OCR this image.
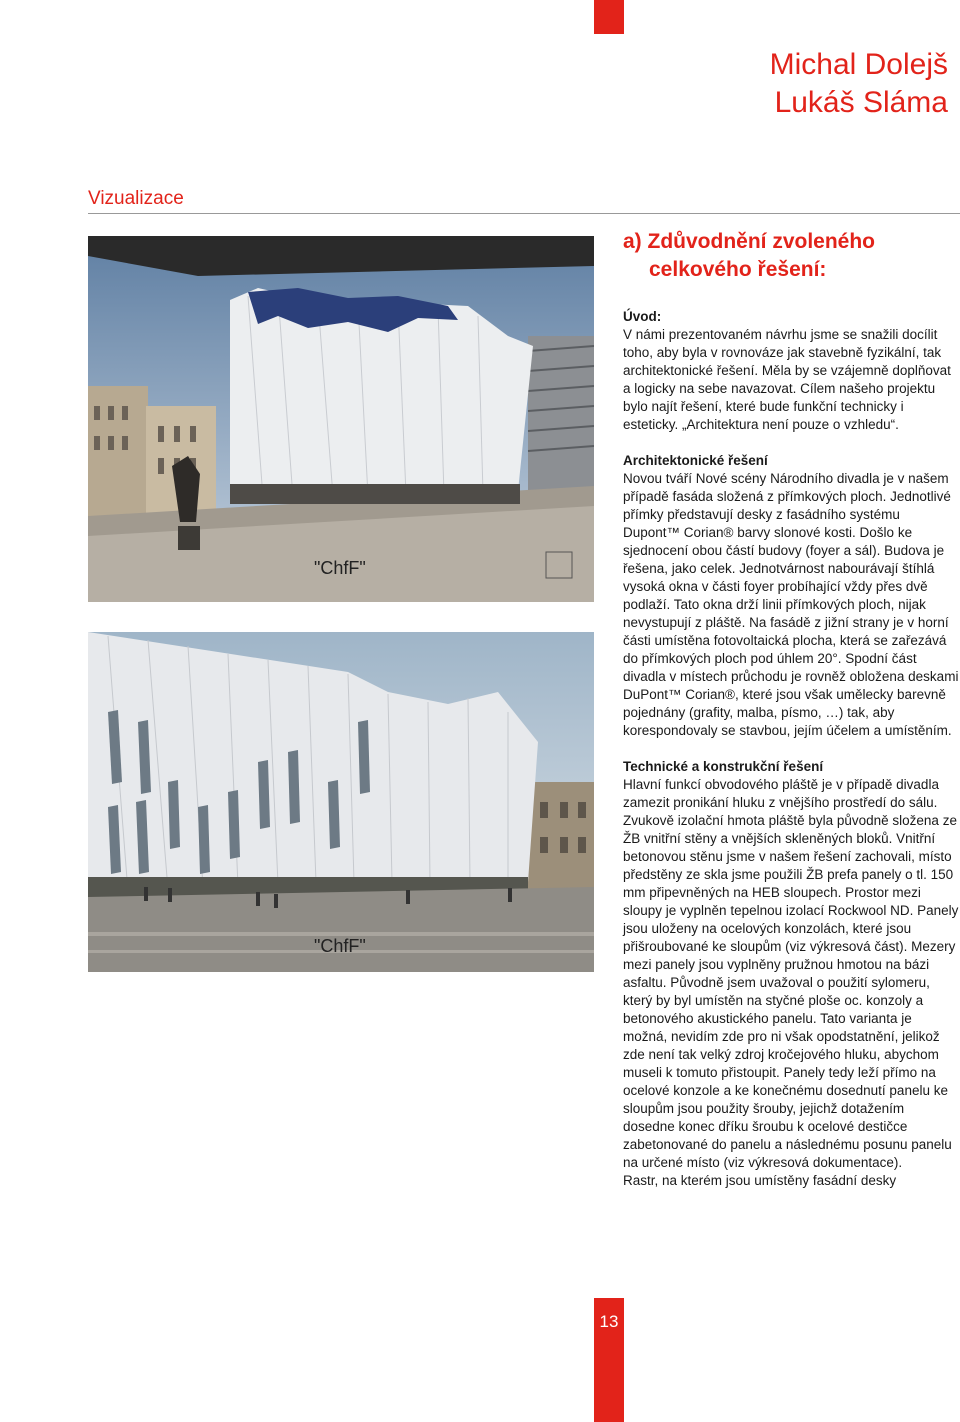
Michal Dolejš
Lukáš Sláma
Vizualizace
"ChfF"
"ChfF"
a) Zdůvodnění zvoleného
celkového řešení:

Úvod:

V námi prezentovaném návrhu jsme se snažili docílit toho, aby byla v rovnováze jak stavebně fyzikální, tak architektonické řešení. Měla by se vzájemně doplňovat a logicky na sebe navazovat. Cílem našeho projektu bylo najít řešení, které bude funkční technicky i esteticky. „Architektura není pouze o vzhledu“.

Architektonické řešení

Novou tváří Nové scény Národního divadla je v našem případě fasáda složená z přímkových ploch. Jednotlivé přímky představují desky z fasádního systému Dupont™ Corian® barvy slonové kosti. Došlo ke sjednocení obou částí budovy (foyer a sál). Budova je řešena, jako celek. Jednotvárnost nabourávají štíhlá vysoká okna v části foyer probíhající vždy přes dvě podlaží. Tato okna drží linii přímkových ploch, nijak nevystupují z pláště. Na fasádě z jižní strany je v horní části umístěna fotovoltaická plocha, která se zařezává do přímkových ploch pod úhlem 20°. Spodní část divadla v místech průchodu je rovněž obložena deskami DuPont™ Corian®, které jsou však umělecky barevně pojednány (grafity, malba, písmo, …) tak, aby korespondovaly se stavbou, jejím účelem a umístěním.

Technické a konstrukční řešení

Hlavní funkcí obvodového pláště je v případě divadla zamezit pronikání hluku z vnějšího prostředí do sálu. Zvukově izolační hmota pláště byla původně složena ze ŽB vnitřní stěny a vnějších skleněných bloků. Vnitřní betonovou stěnu jsme v našem řešení zachovali, místo předstěny ze skla jsme použili ŽB prefa panely o tl. 150 mm připevněných na HEB sloupech. Prostor mezi sloupy je vyplněn tepelnou izolací Rockwool ND. Panely jsou uloženy na ocelových konzolách, které jsou přišroubované ke sloupům (viz výkresová část). Mezery mezi panely jsou vyplněny pružnou hmotou na bázi asfaltu. Původně jsem uvažoval o použití sylomeru, který by byl umístěn na styčné ploše oc. konzoly a betonového akustického panelu. Tato varianta je možná, nevidím zde pro ni však opodstatnění, jelikož zde není tak velký zdroj kročejového hluku, abychom museli k tomuto přistoupit. Panely tedy leží přímo na ocelové konzole a ke konečnému dosednutí panelu ke sloupům jsou použity šrouby, jejichž dotažením dosedne konec dříku šroubu k ocelové destičce zabetonované do panelu a následnému posunu panelu na určené místo (viz výkresová dokumentace).

Rastr, na kterém jsou umístěny fasádní desky

13
